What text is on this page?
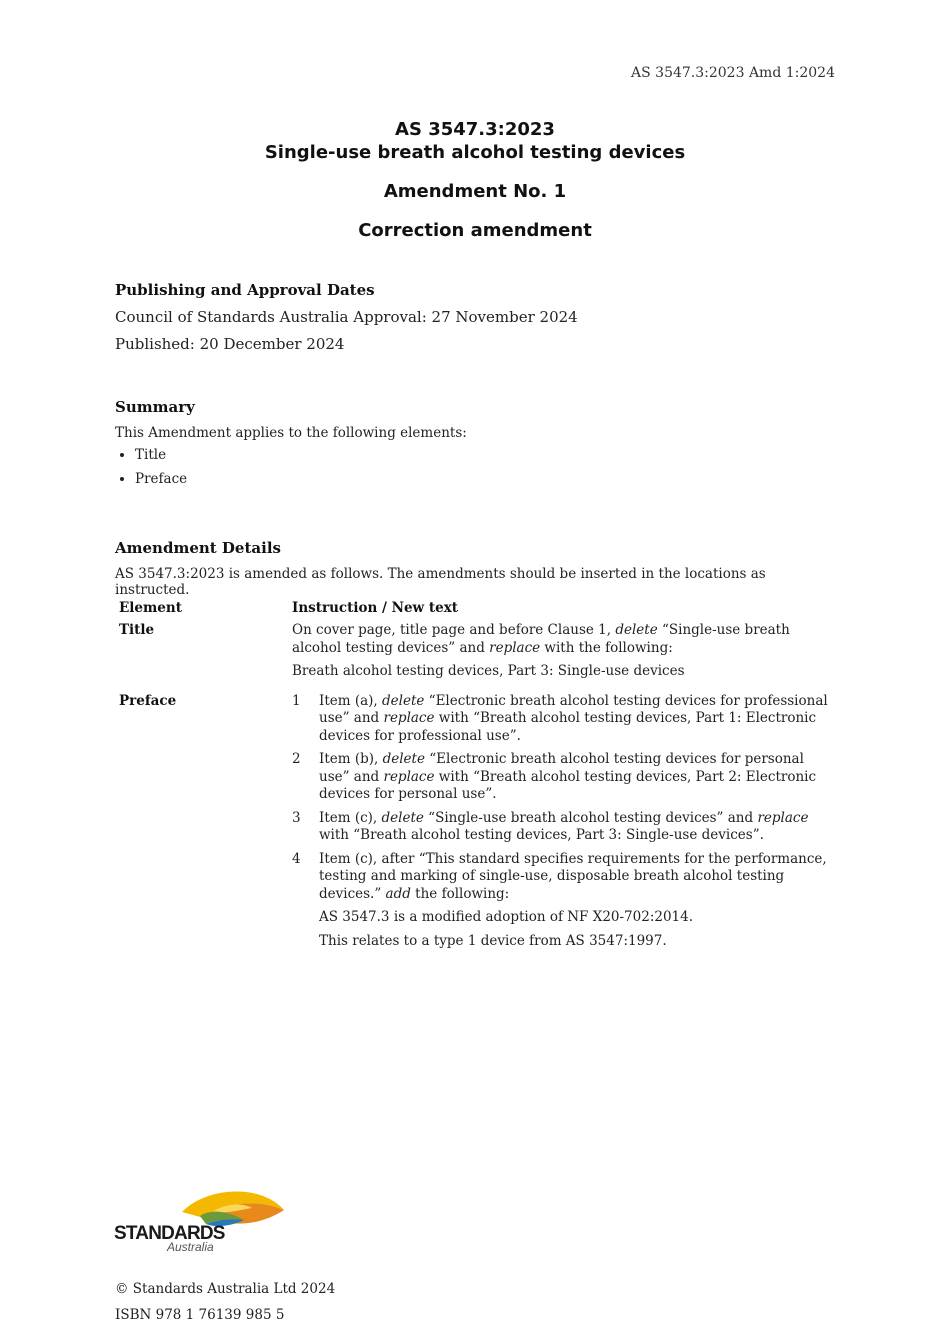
AS 3547.3:2023 Amd 1:2024
AS 3547.3:2023
Single-use breath alcohol testing devices
Amendment No. 1
Correction amendment
Publishing and Approval Dates
Council of Standards Australia Approval: 27 November 2024
Published: 20 December 2024
Summary
This Amendment applies to the following elements:
• Title
• Preface
Amendment Details
AS 3547.3:2023 is amended as follows. The amendments should be inserted in the locations as instructed.
Element	Instruction / New text
Title	On cover page, title page and before Clause 1, delete “Single-use breath alcohol testing devices” and replace with the following:

Breath alcohol testing devices, Part 3: Single-use devices

Preface	1	Item (a), delete “Electronic breath alcohol testing devices for professional use” and replace with “Breath alcohol testing devices, Part 1: Electronic devices for professional use”.
2	Item (b), delete “Electronic breath alcohol testing devices for personal use” and replace with “Breath alcohol testing devices, Part 2: Electronic devices for personal use”.
3	Item (c), delete “Single-use breath alcohol testing devices” and replace with “Breath alcohol testing devices, Part 3: Single-use devices”.
4	Item (c), after “This standard specifies requirements for the performance, testing and marking of single-use, disposable breath alcohol testing devices.” add the following:
AS 3547.3 is a modified adoption of NF X20-702:2014.
This relates to a type 1 device from AS 3547:1997.
STANDARDS
Australia
© Standards Australia Ltd 2024
ISBN 978 1 76139 985 5
